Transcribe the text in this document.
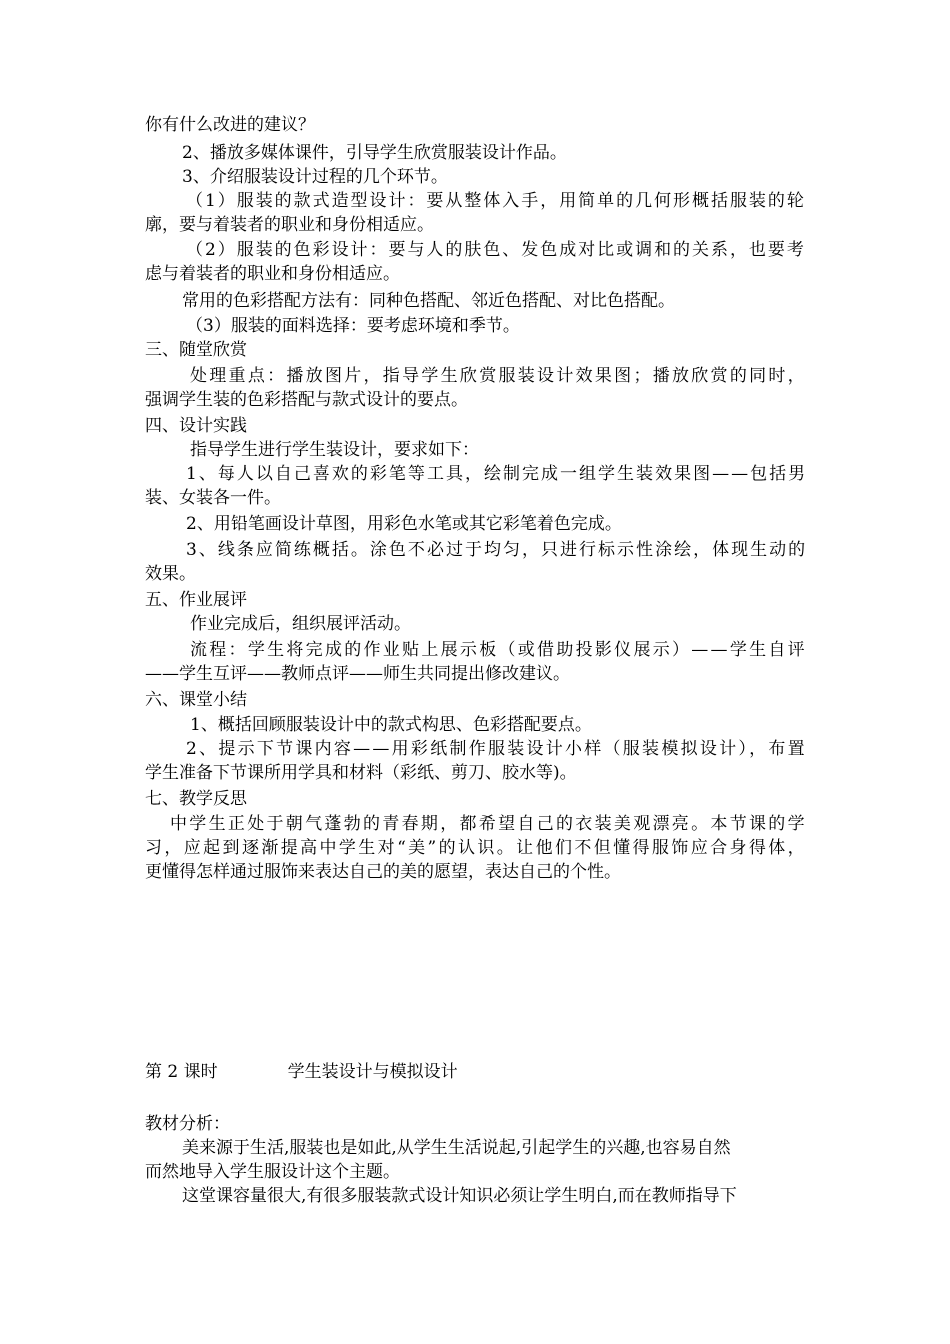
你有什么改进的建议？
2、播放多媒体课件，引导学生欣赏服装设计作品。
3、介绍服装设计过程的几个环节。
（1）服装的款式造型设计：要从整体入手，用简单的几何形概括服装的轮
廓，要与着装者的职业和身份相适应。
（2）服装的色彩设计：要与人的肤色、发色成对比或调和的关系，也要考
虑与着装者的职业和身份相适应。
常用的色彩搭配方法有：同种色搭配、邻近色搭配、对比色搭配。
（3）服装的面料选择：要考虑环境和季节。
三、随堂欣赏
处理重点：播放图片，指导学生欣赏服装设计效果图；播放欣赏的同时，
强调学生装的色彩搭配与款式设计的要点。
四、设计实践
指导学生进行学生装设计，要求如下：
1、每人以自己喜欢的彩笔等工具，绘制完成一组学生装效果图——包括男
装、女装各一件。
2、用铅笔画设计草图，用彩色水笔或其它彩笔着色完成。
3、线条应简练概括。涂色不必过于均匀，只进行标示性涂绘，体现生动的
效果。
五、作业展评
作业完成后，组织展评活动。
流程：学生将完成的作业贴上展示板（或借助投影仪展示）——学生自评
——学生互评——教师点评——师生共同提出修改建议。
六、课堂小结
1、概括回顾服装设计中的款式构思、色彩搭配要点。
2、提示下节课内容——用彩纸制作服装设计小样（服装模拟设计），布置
学生准备下节课所用学具和材料（彩纸、剪刀、胶水等)。
七、教学反思
中学生正处于朝气蓬勃的青春期，都希望自己的衣装美观漂亮。本节课的学
习，应起到逐渐提高中学生对“美”的认识。让他们不但懂得服饰应合身得体，
更懂得怎样通过服饰来表达自己的美的愿望，表达自己的个性。
第 2 课时	学生装设计与模拟设计
教材分析：
美来源于生活,服装也是如此,从学生生活说起,引起学生的兴趣,也容易自然
而然地导入学生服设计这个主题。
这堂课容量很大,有很多服装款式设计知识必须让学生明白,而在教师指导下
